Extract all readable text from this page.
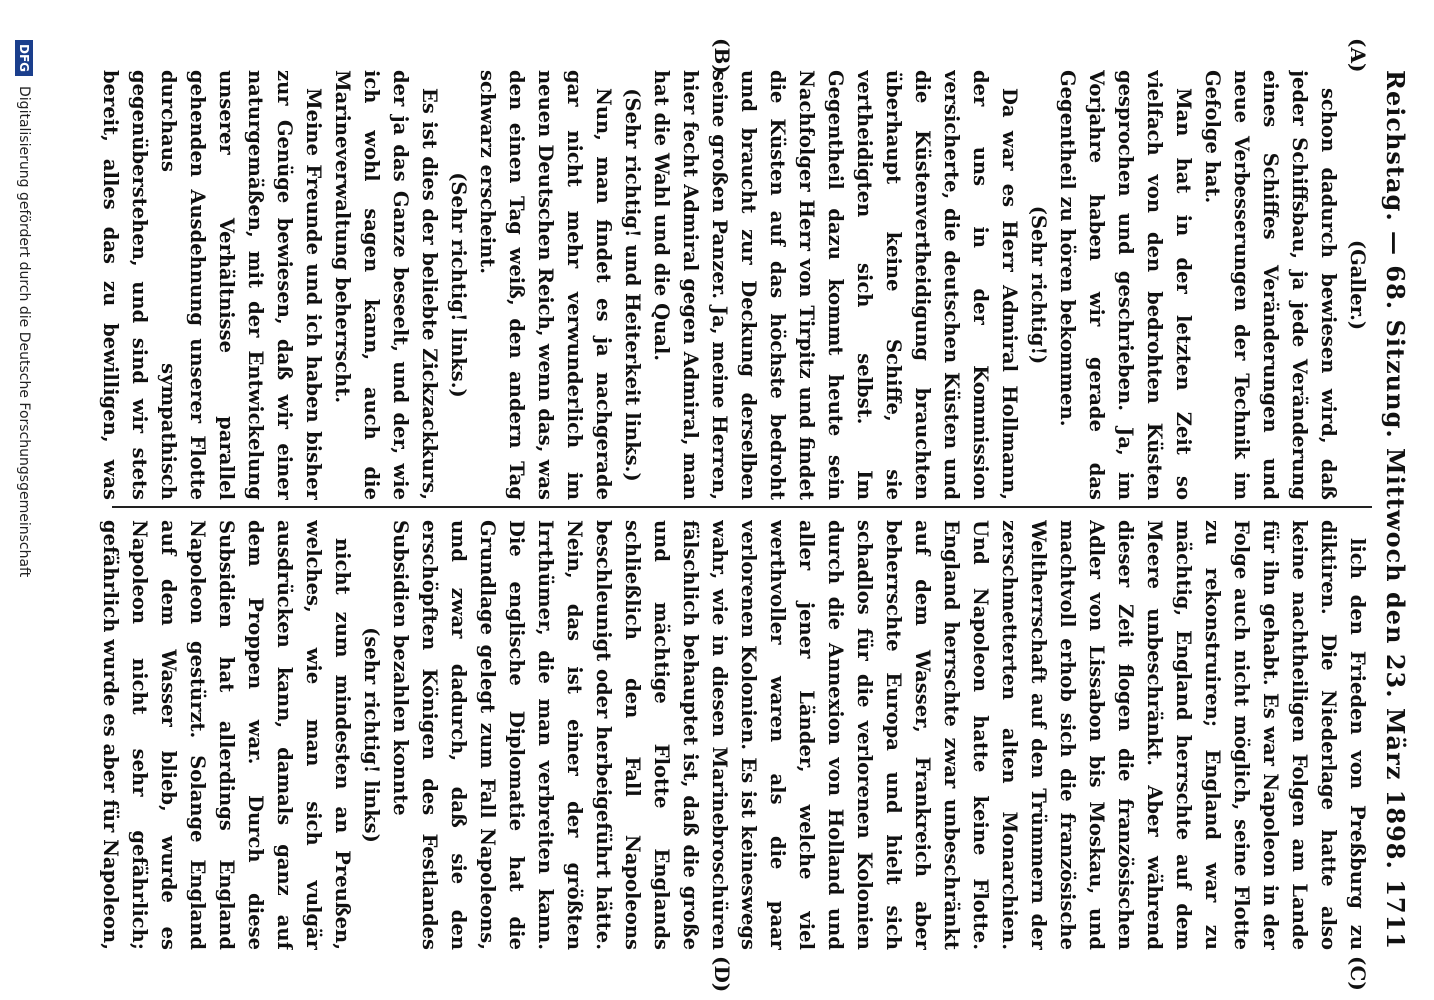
Reichstag. — 68. Sitzung.
Mittwoch den 23. März 1898.
1711

(Galler.)

schon dadurch bewiesen wird, daß jeder Schiffsbau, ja jede Veränderung eines Schiffes Veränderungen und neue Verbesserungen der Technik im Gefolge hat.

Man hat in der letzten Zeit so vielfach von den bedrohten Küsten gesprochen und geschrieben. Ja, im Vorjahre haben wir gerade das Gegentheil zu hören bekommen.

(Sehr richtig!)

Da war es Herr Admiral Hollmann, der uns in der Kommission versicherte, die deutschen Küsten und die Küstenvertheidigung brauchten überhaupt keine Schiffe, sie vertheidigten sich selbst. Im Gegentheil dazu kommt heute sein Nachfolger Herr von Tirpitz und findet die Küsten auf das höchste bedroht und braucht zur Deckung derselben seine großen Panzer. Ja, meine Herren, hier fecht Admiral gegen Admiral, man hat die Wahl und die Qual.

(Sehr richtig! und Heiterkeit links.)

Nun, man findet es ja nachgerade gar nicht mehr verwunderlich im neuen Deutschen Reich, wenn das, was den einen Tag weiß, den andern Tag schwarz erscheint.

(Sehr richtig! links.)

Es ist dies der beliebte Zickzackkurs, der ja das Ganze beseelt, und der, wie ich wohl sagen kann, auch die Marineverwaltung beherrscht.

Meine Freunde und ich haben bisher zur Genüge bewiesen, daß wir einer naturgemäßen, mit der Entwickelung unserer Verhältnisse parallel gehenden Ausdehnung unserer Flotte durchaus sympathisch gegenüberstehen, und sind wir stets bereit, alles das zu bewilligen, was

lich den Frieden von Preßburg zu diktiren. Die Niederlage hatte also keine nachtheiligen Folgen am Lande für ihn gehabt. Es war Napoleon in der Folge auch nicht möglich, seine Flotte zu rekonstruiren; England war zu mächtig, England herrschte auf dem Meere unbeschränkt. Aber während dieser Zeit flogen die französischen Adler von Lissabon bis Moskau, und machtvoll erhob sich die französische Weltherrschaft auf den Trümmern der zerschmetterten alten Monarchien. Und Napoleon hatte keine Flotte. England herrschte zwar unbeschränkt auf dem Wasser, Frankreich aber beherrschte Europa und hielt sich schadlos für die verlorenen Kolonien durch die Annexion von Holland und aller jener Länder, welche viel werthvoller waren als die paar verlorenen Kolonien. Es ist keineswegs wahr, wie in diesen Marinebroschüren fälschlich behauptet ist, daß die große und mächtige Flotte Englands schließlich den Fall Napoleons beschleunigt oder herbeigeführt hätte. Nein, das ist einer der größten Irrthümer, die man verbreiten kann. Die englische Diplomatie hat die Grundlage gelegt zum Fall Napoleons, und zwar dadurch, daß sie den erschöpften Königen des Festlandes Subsidien bezahlen konnte

(sehr richtig! links)

nicht zum mindesten an Preußen, welches, wie man sich vulgär ausdrücken kann, damals ganz auf dem Proppen war. Durch diese Subsidien hat allerdings England Napoleon gestürzt. Solange England auf dem Wasser blieb, wurde es Napoleon nicht sehr gefährlich; gefährlich wurde es aber für Napoleon,

(A)
(B)
(C)
(D)
DFG
Digitalisierung gefördert durch die Deutsche Forschungsgemeinschaft
